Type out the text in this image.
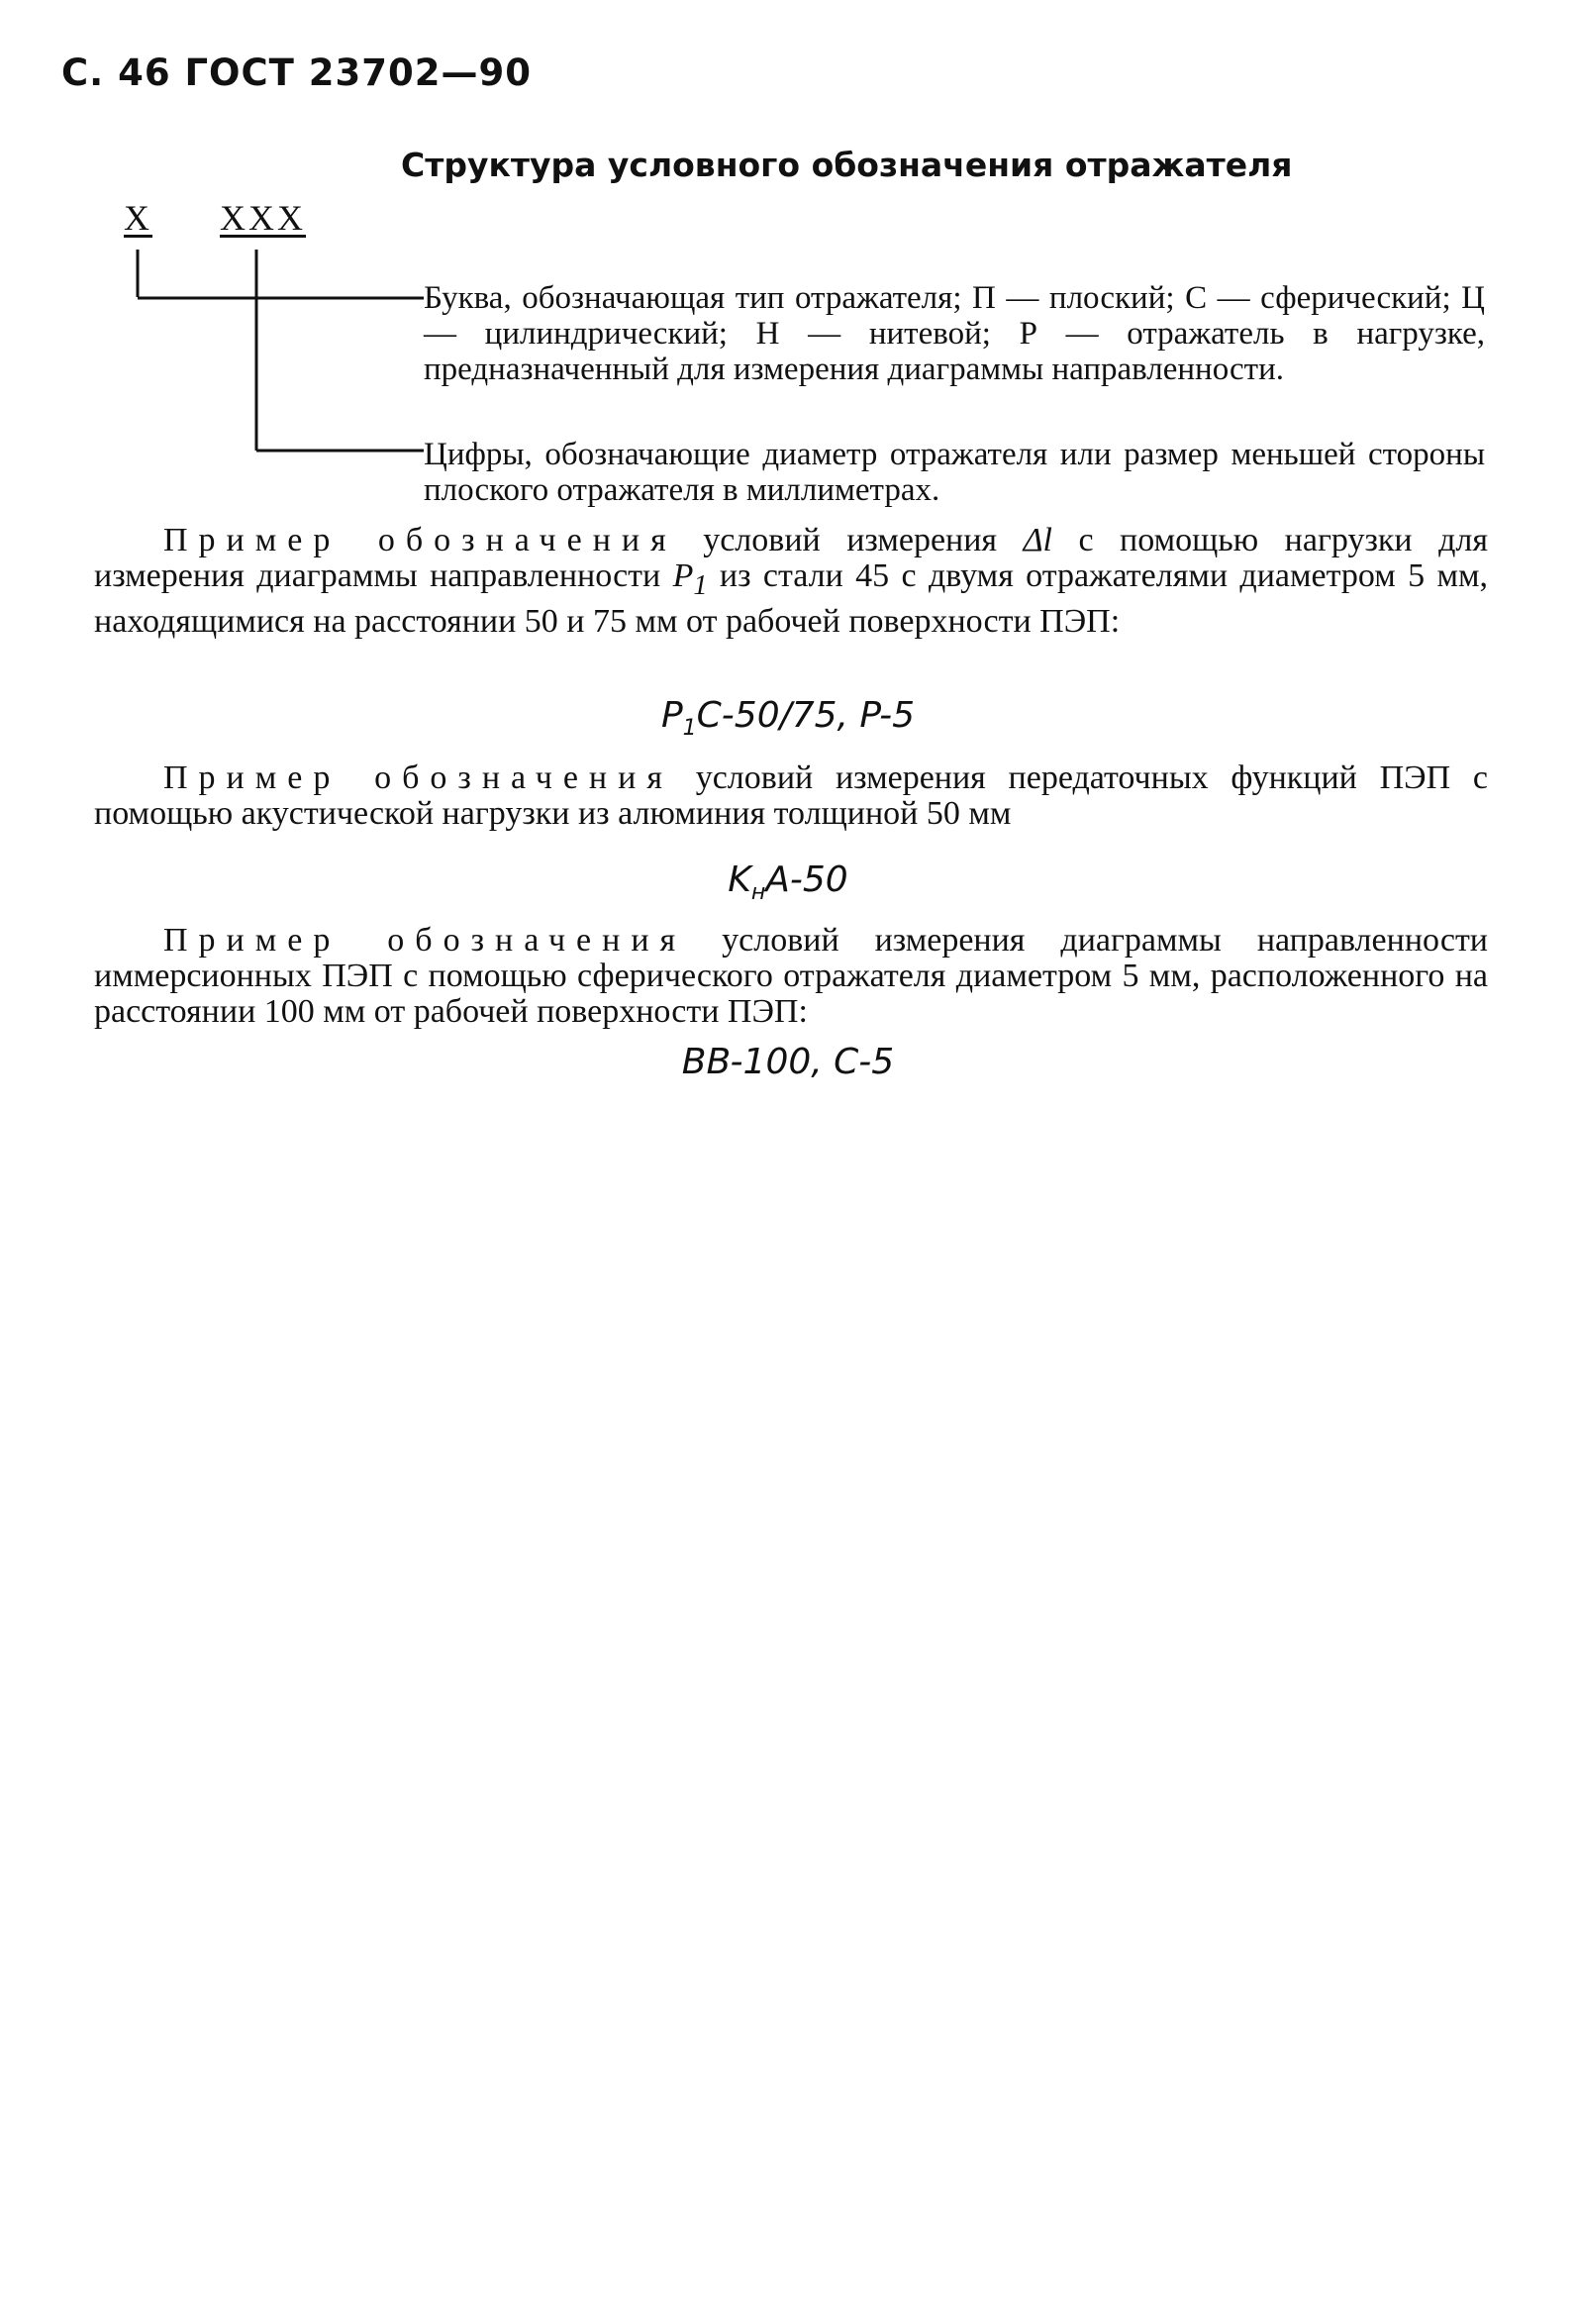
С. 46 ГОСТ 23702—90
Структура условного обозначения отражателя
X XXX
Буква, обозначающая тип отражателя; П — плоский; С — сферический; Ц — цилиндрический; Н — нитевой; Р — отражатель в нагрузке, предназначенный для измерения диаграммы направленности.
Цифры, обозначающие диаметр отражателя или размер меньшей стороны плоского отражателя в миллиметрах.
Пример обозначения условий измерения Δl с помощью нагрузки для измерения диаграммы направленности $P_1$ из стали 45 с двумя отражателями диаметром 5 мм, находящимися на расстоянии 50 и 75 мм от рабочей поверхности ПЭП:
$P_1C-50/75$, P-5
Пример обозначения условий измерения передаточных функций ПЭП с помощью акустической нагрузки из алюминия толщиной 50 мм
$K_нA-50$
Пример обозначения условий измерения диаграммы направленности иммерсионных ПЭП с помощью сферического отражателя диаметром 5 мм, расположенного на расстоянии 100 мм от рабочей поверхности ПЭП:
BB-100, C-5
